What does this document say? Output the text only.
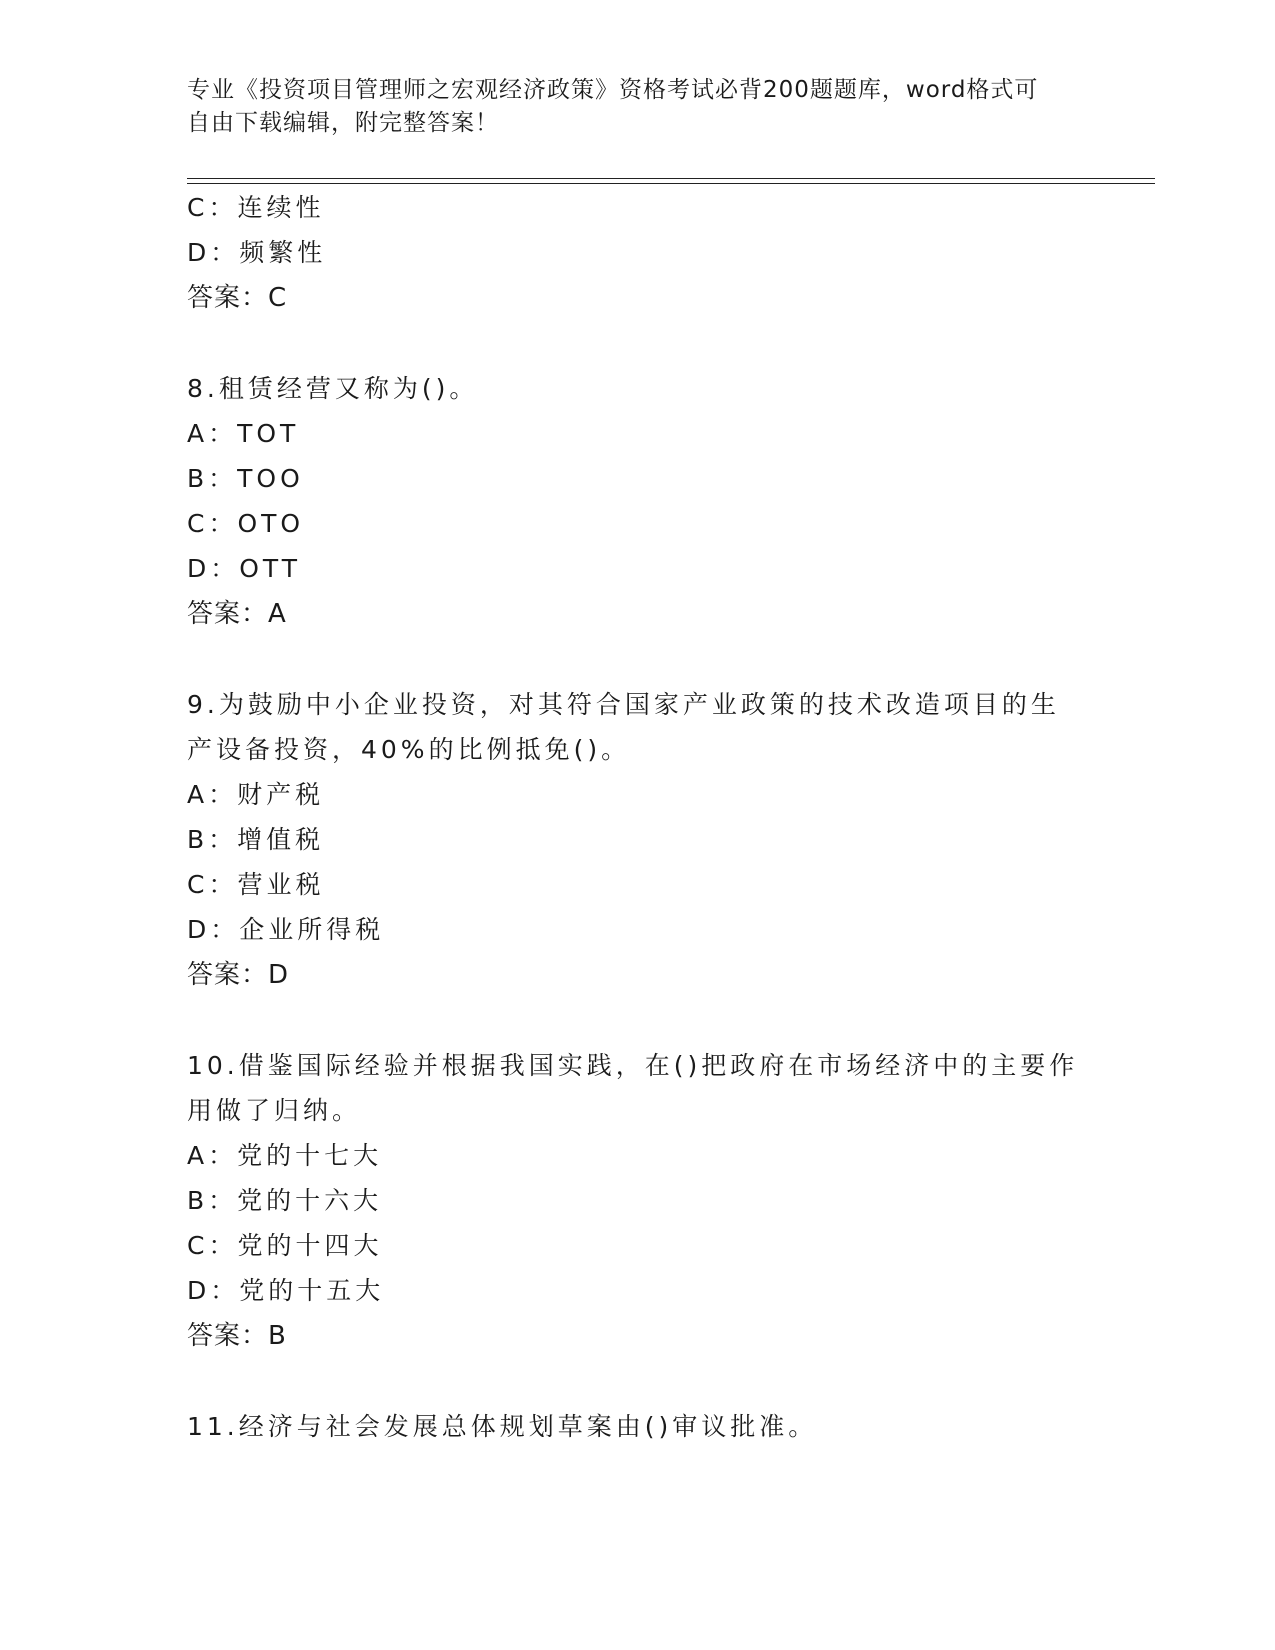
专业《投资项目管理师之宏观经济政策》资格考试必背200题题库，word格式可
自由下载编辑，附完整答案！
C：连续性
D：频繁性
答案：C
8.租赁经营又称为()。
A：TOT
B：TOO
C：OTO
D：OTT
答案：A
9.为鼓励中小企业投资，对其符合国家产业政策的技术改造项目的生
产设备投资，40%的比例抵免()。
A：财产税
B：增值税
C：营业税
D：企业所得税
答案：D
10.借鉴国际经验并根据我国实践，在()把政府在市场经济中的主要作
用做了归纳。
A：党的十七大
B：党的十六大
C：党的十四大
D：党的十五大
答案：B
11.经济与社会发展总体规划草案由()审议批准。
